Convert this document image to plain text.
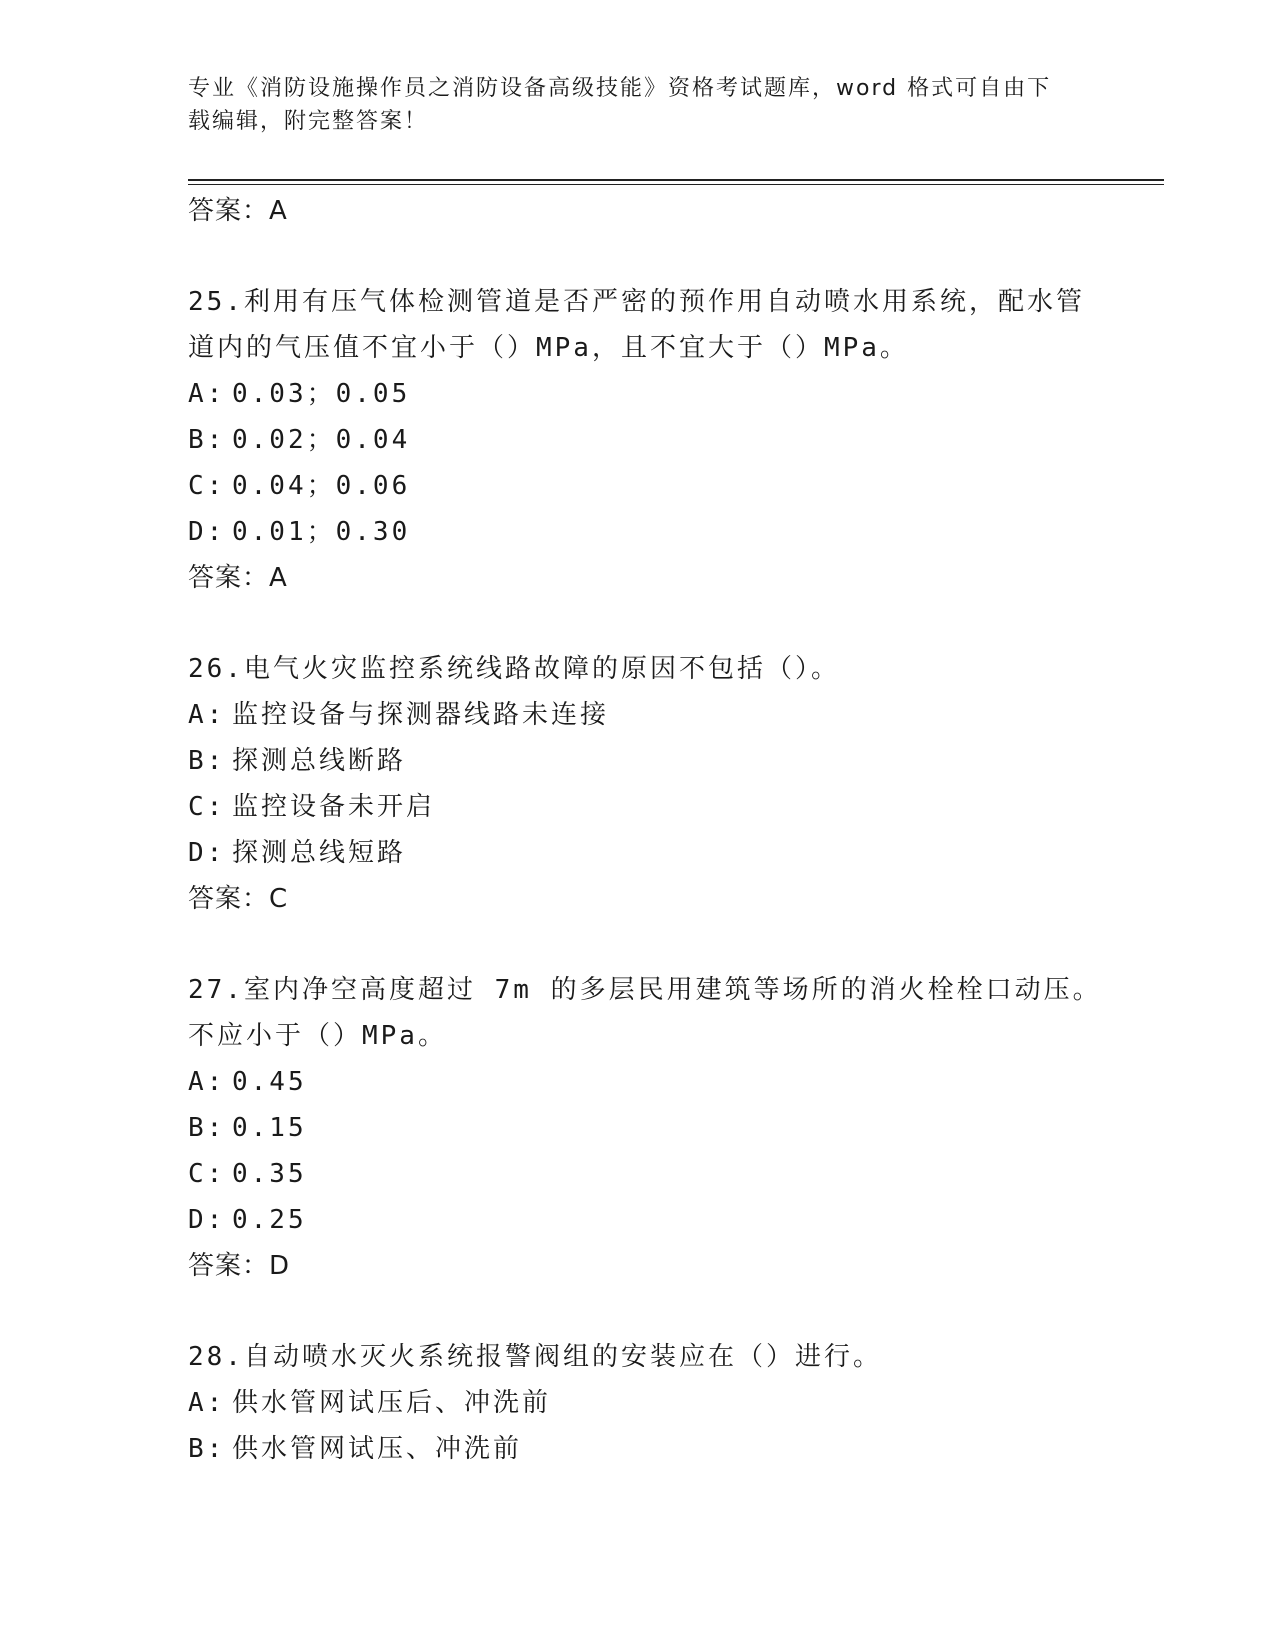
专业《消防设施操作员之消防设备高级技能》资格考试题库，word 格式可自由下
载编辑，附完整答案！
答案：A
25.利用有压气体检测管道是否严密的预作用自动喷水用系统，配水管
道内的气压值不宜小于（）MPa，且不宜大于（）MPa。
A: 0.03；0.05
B: 0.02；0.04
C: 0.04；0.06
D: 0.01；0.30
答案：A
26.电气火灾监控系统线路故障的原因不包括（）。
A: 监控设备与探测器线路未连接
B: 探测总线断路
C: 监控设备未开启
D: 探测总线短路
答案：C
27.室内净空高度超过 7m 的多层民用建筑等场所的消火栓栓口动压。
不应小于（）MPa。
A: 0.45
B: 0.15
C: 0.35
D: 0.25
答案：D
28.自动喷水灭火系统报警阀组的安装应在（）进行。
A: 供水管网试压后、冲洗前
B: 供水管网试压、冲洗前
